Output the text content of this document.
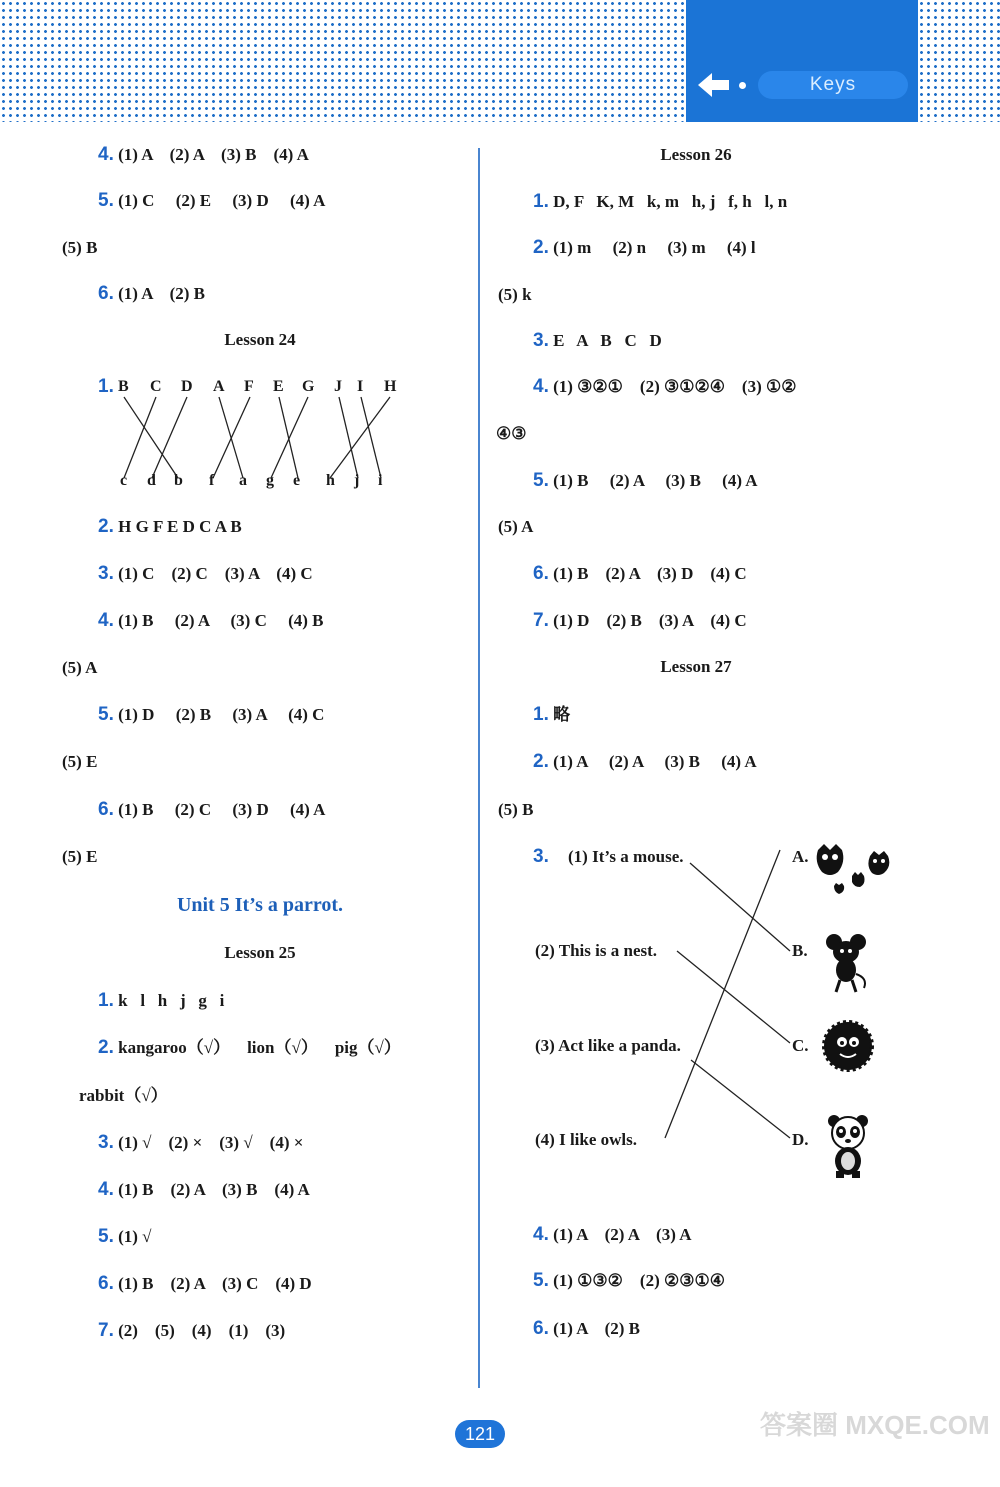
Keys
4. (1) A    (2) A    (3) B    (4) A
5. (1) C     (2) E     (3) D     (4) A
(5) B
6. (1) A    (2) B
Lesson 24
1. B C D A F E G J I H
c d b f a g e h j i
2. H G F E D C A B
3. (1) C    (2) C    (3) A    (4) C
4. (1) B     (2) A     (3) C     (4) B
(5) A
5. (1) D     (2) B     (3) A     (4) C
(5) E
6. (1) B     (2) C     (3) D     (4) A
(5) E
Unit 5 It’s a parrot.
Lesson 25
1. k   l   h   j   g   i
2. kangaroo（√）    lion（√）    pig（√）
rabbit（√）
3. (1) √    (2) ×    (3) √    (4) ×
4. (1) B    (2) A    (3) B    (4) A
5. (1) √
6. (1) B    (2) A    (3) C    (4) D
7. (2)    (5)    (4)    (1)    (3)
Lesson 26
1. D, F   K, M   k, m   h, j   f, h   l, n
2. (1) m     (2) n     (3) m     (4) l
(5) k
3. E   A   B   C   D
4. (1) ③②①    (2) ③①②④    (3) ①②
④③
5. (1) B     (2) A     (3) B     (4) A
(5) A
6. (1) B    (2) A    (3) D    (4) C
7. (1) D    (2) B    (3) A    (4) C
Lesson 27
1. 略
2. (1) A     (2) A     (3) B     (4) A
(5) B
3. (1) It’s a mouse.
(2) This is a nest.
(3) Act like a panda.
(4) I like owls.
A.
B.
C.
D.
4. (1) A    (2) A    (3) A
5. (1) ①③②    (2) ②③①④
6. (1) A    (2) B
121	答案圈 MXQE.COM
